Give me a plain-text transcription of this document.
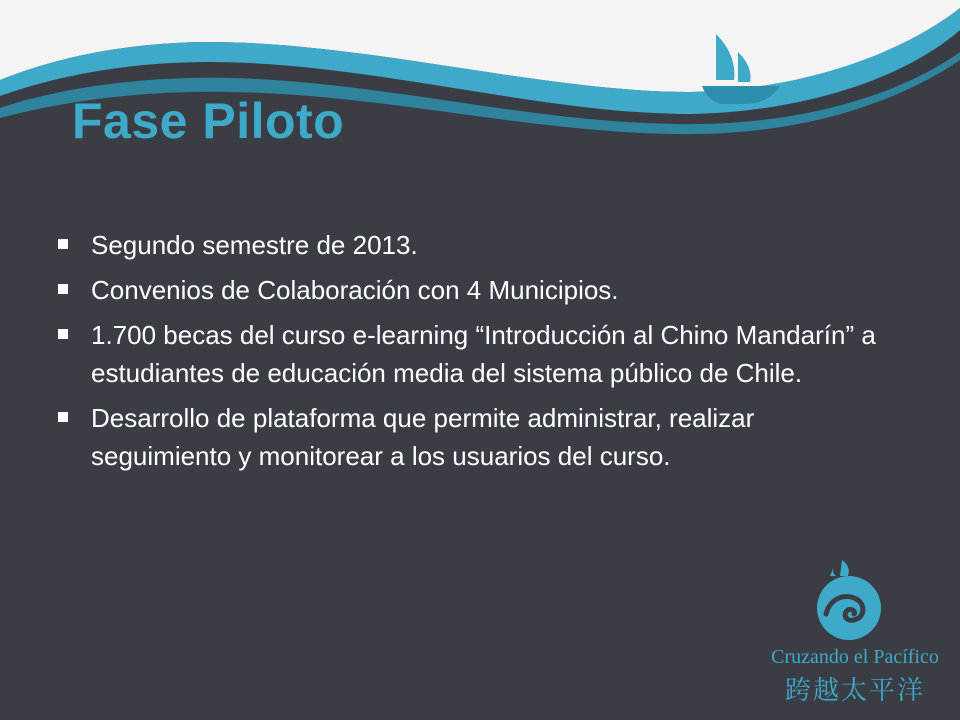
Fase Piloto
Segundo semestre de 2013.
Convenios de Colaboración con 4 Municipios.
1.700 becas del curso e-learning “Introducción al Chino Mandarín” a estudiantes de educación media del sistema público de Chile.
Desarrollo de plataforma que permite administrar, realizar seguimiento y monitorear a los usuarios del curso.
Cruzando el Pacífico
跨越太平洋
